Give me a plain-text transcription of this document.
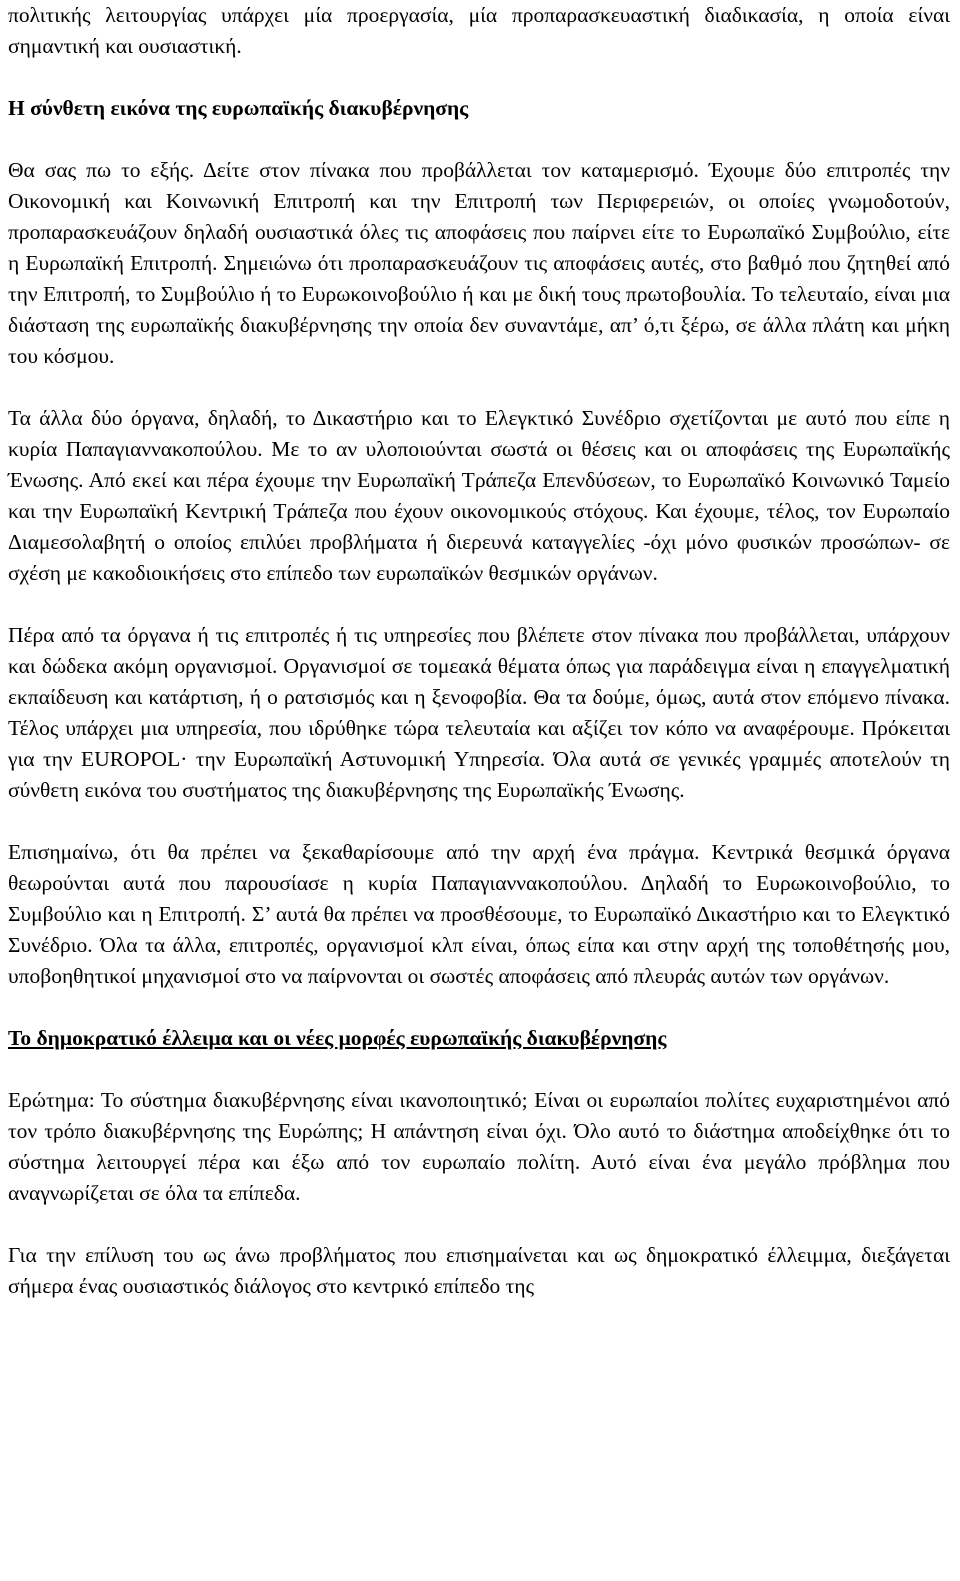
πολιτικής λειτουργίας υπάρχει μία προεργασία, μία προπαρασκευαστική διαδικασία, η οποία είναι σημαντική και ουσιαστική.

Η σύνθετη εικόνα της ευρωπαϊκής διακυβέρνησης

Θα σας πω το εξής. Δείτε στον πίνακα που προβάλλεται τον καταμερισμό. Έχουμε δύο επιτροπές την Οικονομική και Κοινωνική Επιτροπή και την Επιτροπή των Περιφερειών, οι οποίες γνωμοδοτούν, προπαρασκευάζουν δηλαδή ουσιαστικά όλες τις αποφάσεις που παίρνει είτε το Ευρωπαϊκό Συμβούλιο, είτε η Ευρωπαϊκή Επιτροπή. Σημειώνω ότι προπαρασκευάζουν τις αποφάσεις αυτές, στο βαθμό που ζητηθεί από την Επιτροπή, το Συμβούλιο ή το Ευρωκοινοβούλιο ή και με δική τους πρωτοβουλία. Το τελευταίο, είναι μια διάσταση της ευρωπαϊκής διακυβέρνησης την οποία δεν συναντάμε, απ’ ό,τι ξέρω, σε άλλα πλάτη και μήκη του κόσμου.

Τα άλλα δύο όργανα, δηλαδή, το Δικαστήριο και το Ελεγκτικό Συνέδριο σχετίζονται με αυτό που είπε η κυρία Παπαγιαννακοπούλου. Με το αν υλοποιούνται σωστά οι θέσεις και οι αποφάσεις της Ευρωπαϊκής Ένωσης. Από εκεί και πέρα έχουμε την Ευρωπαϊκή Τράπεζα Επενδύσεων, το Ευρωπαϊκό Κοινωνικό Ταμείο και την Ευρωπαϊκή Κεντρική Τράπεζα που έχουν οικονομικούς στόχους. Και έχουμε, τέλος, τον Ευρωπαίο Διαμεσολαβητή ο οποίος επιλύει προβλήματα ή διερευνά καταγγελίες -όχι μόνο φυσικών προσώπων- σε σχέση με κακοδιοικήσεις στο επίπεδο των ευρωπαϊκών θεσμικών οργάνων.

Πέρα από τα όργανα ή τις επιτροπές ή τις υπηρεσίες που βλέπετε στον πίνακα που προβάλλεται, υπάρχουν και δώδεκα ακόμη οργανισμοί. Οργανισμοί σε τομεακά θέματα όπως για παράδειγμα είναι η επαγγελματική εκπαίδευση και κατάρτιση, ή ο ρατσισμός και η ξενοφοβία. Θα τα δούμε, όμως, αυτά στον επόμενο πίνακα. Τέλος υπάρχει μια υπηρεσία, που ιδρύθηκε τώρα τελευταία και αξίζει τον κόπο να αναφέρουμε. Πρόκειται για την EUROPOL· την Ευρωπαϊκή Αστυνομική Υπηρεσία. Όλα αυτά σε γενικές γραμμές αποτελούν τη σύνθετη εικόνα του συστήματος της διακυβέρνησης της Ευρωπαϊκής Ένωσης.

Επισημαίνω, ότι θα πρέπει να ξεκαθαρίσουμε από την αρχή ένα πράγμα. Κεντρικά θεσμικά όργανα θεωρούνται αυτά που παρουσίασε η κυρία Παπαγιαννακοπούλου. Δηλαδή το Ευρωκοινοβούλιο, το Συμβούλιο και η Επιτροπή. Σ’ αυτά θα πρέπει να προσθέσουμε, το Ευρωπαϊκό Δικαστήριο και το Ελεγκτικό Συνέδριο. Όλα τα άλλα, επιτροπές, οργανισμοί κλπ είναι, όπως είπα και στην αρχή της τοποθέτησής μου, υποβοηθητικοί μηχανισμοί στο να παίρνονται οι σωστές αποφάσεις από πλευράς αυτών των οργάνων.

Το δημοκρατικό έλλειμα και οι νέες μορφές ευρωπαϊκής διακυβέρνησης

Ερώτημα: Το σύστημα διακυβέρνησης είναι ικανοποιητικό; Είναι οι ευρωπαίοι πολίτες ευχαριστημένοι από τον τρόπο διακυβέρνησης της Ευρώπης; Η απάντηση είναι όχι. Όλο αυτό το διάστημα αποδείχθηκε ότι το σύστημα λειτουργεί πέρα και έξω από τον ευρωπαίο πολίτη. Αυτό είναι ένα μεγάλο πρόβλημα που αναγνωρίζεται σε όλα τα επίπεδα.

Για την επίλυση του ως άνω προβλήματος που επισημαίνεται και ως δημοκρατικό έλλειμμα, διεξάγεται σήμερα ένας ουσιαστικός διάλογος στο κεντρικό επίπεδο της
